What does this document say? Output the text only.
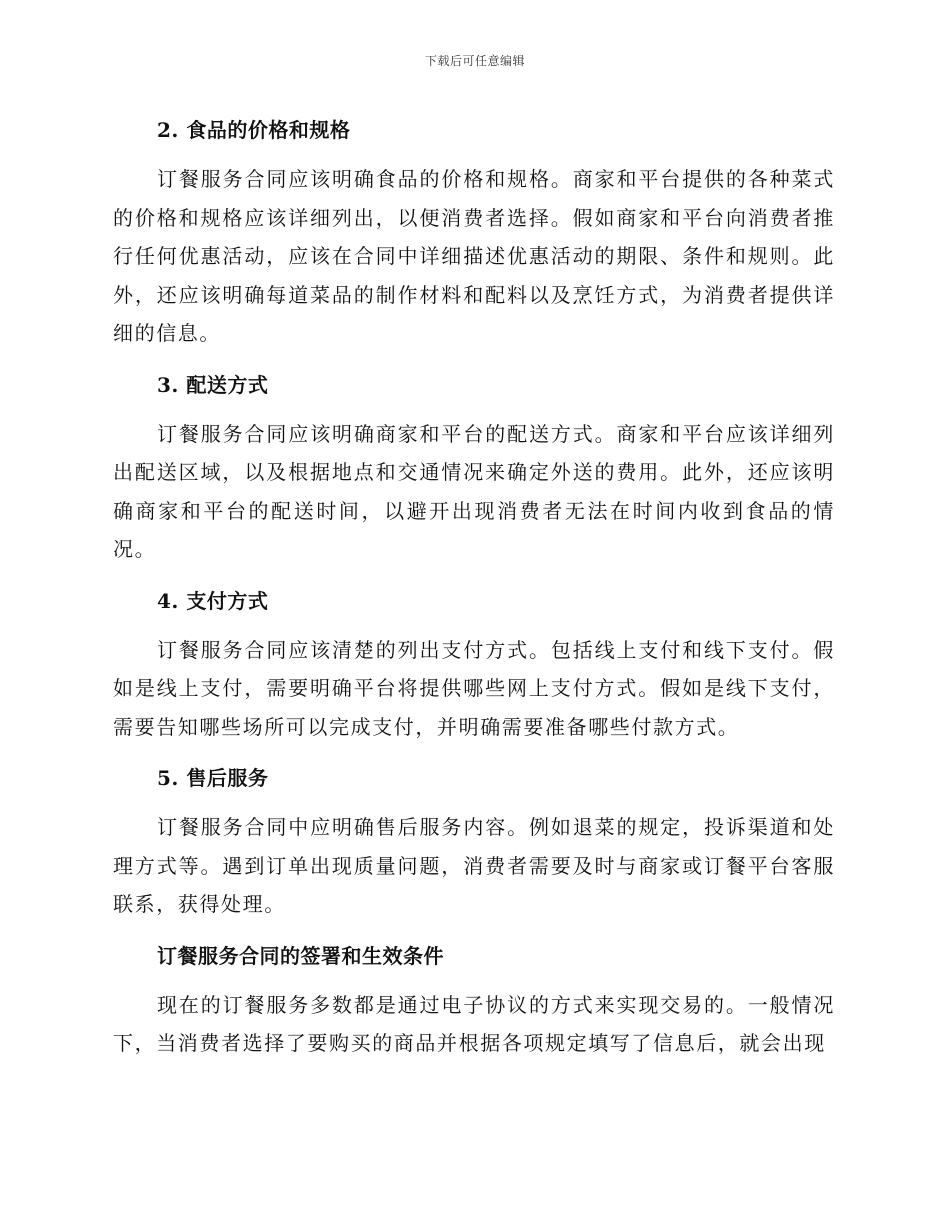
下载后可任意编辑
2. 食品的价格和规格

订餐服务合同应该明确食品的价格和规格。商家和平台提供的各种菜式的价格和规格应该详细列出，以便消费者选择。假如商家和平台向消费者推行任何优惠活动，应该在合同中详细描述优惠活动的期限、条件和规则。此外，还应该明确每道菜品的制作材料和配料以及烹饪方式，为消费者提供详细的信息。

3. 配送方式

订餐服务合同应该明确商家和平台的配送方式。商家和平台应该详细列出配送区域，以及根据地点和交通情况来确定外送的费用。此外，还应该明确商家和平台的配送时间，以避开出现消费者无法在时间内收到食品的情况。

4. 支付方式

订餐服务合同应该清楚的列出支付方式。包括线上支付和线下支付。假如是线上支付，需要明确平台将提供哪些网上支付方式。假如是线下支付，需要告知哪些场所可以完成支付，并明确需要准备哪些付款方式。

5. 售后服务

订餐服务合同中应明确售后服务内容。例如退菜的规定，投诉渠道和处理方式等。遇到订单出现质量问题，消费者需要及时与商家或订餐平台客服联系，获得处理。

订餐服务合同的签署和生效条件

现在的订餐服务多数都是通过电子协议的方式来实现交易的。一般情况下，当消费者选择了要购买的商品并根据各项规定填写了信息后，就会出现
